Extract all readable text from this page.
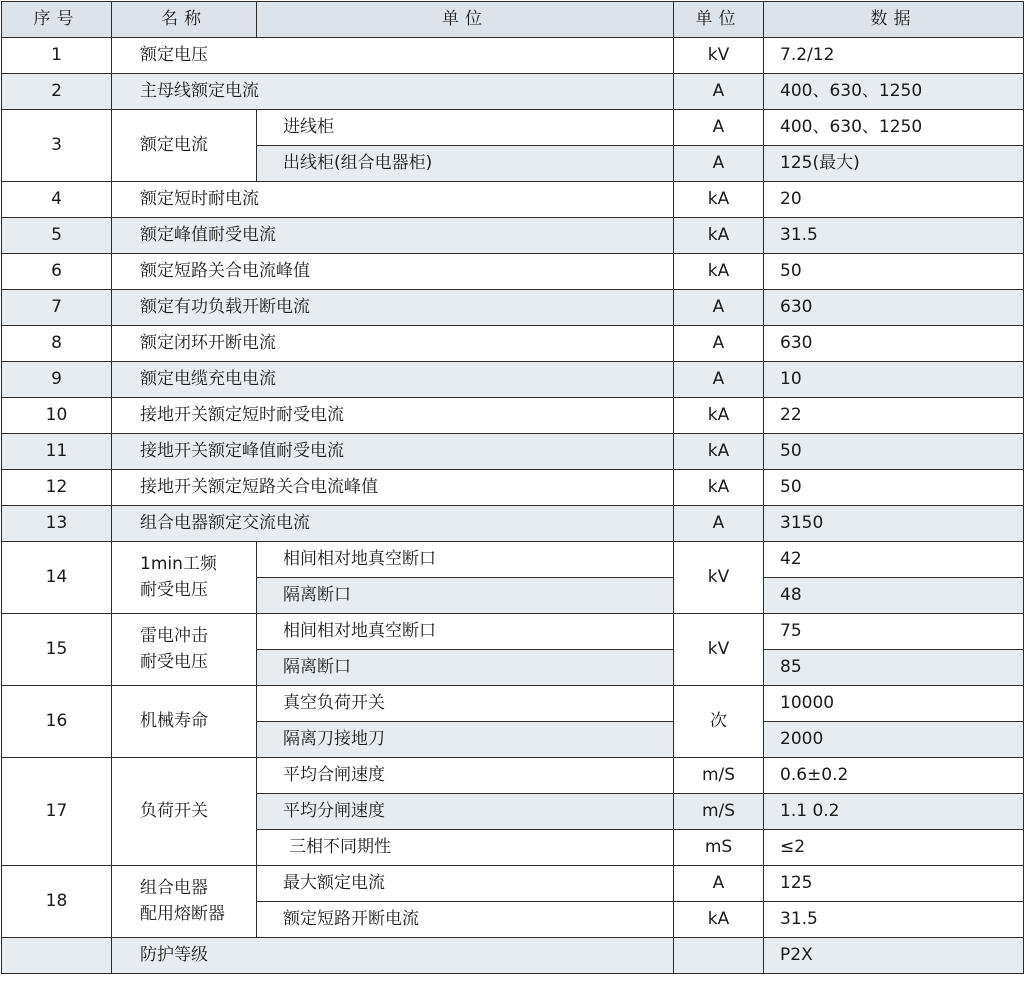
序号	名称	单位	单位	数据
1	额定电压		kV	7.2/12
2	主母线额定电流		A	400、630、1250
3	额定电流	进线柜	A	400、630、1250
		出线柜(组合电器柜)	A	125(最大)
4	额定短时耐电流		kA	20
5	额定峰值耐受电流		kA	31.5
6	额定短路关合电流峰值		kA	50
7	额定有功负载开断电流		A	630
8	额定闭环开断电流		A	630
9	额定电缆充电电流		A	10
10	接地开关额定短时耐受电流		kA	22
11	接地开关额定峰值耐受电流		kA	50
12	接地开关额定短路关合电流峰值		kA	50
13	组合电器额定交流电流		A	3150
14	1min工频
耐受电压	相间相对地真空断口	kV	42
		隔离断口		48
15	雷电冲击
耐受电压	相间相对地真空断口	kV	75
		隔离断口		85
16	机械寿命	真空负荷开关	次	10000
		隔离刀接地刀		2000
17	负荷开关	平均合闸速度	m/S	0.6±0.2
		平均分闸速度	m/S	1.1 0.2
		三相不同期性	mS	≤2
18	组合电器
配用熔断器	最大额定电流	A	125
		额定短路开断电流	kA	31.5
	防护等级			P2X
